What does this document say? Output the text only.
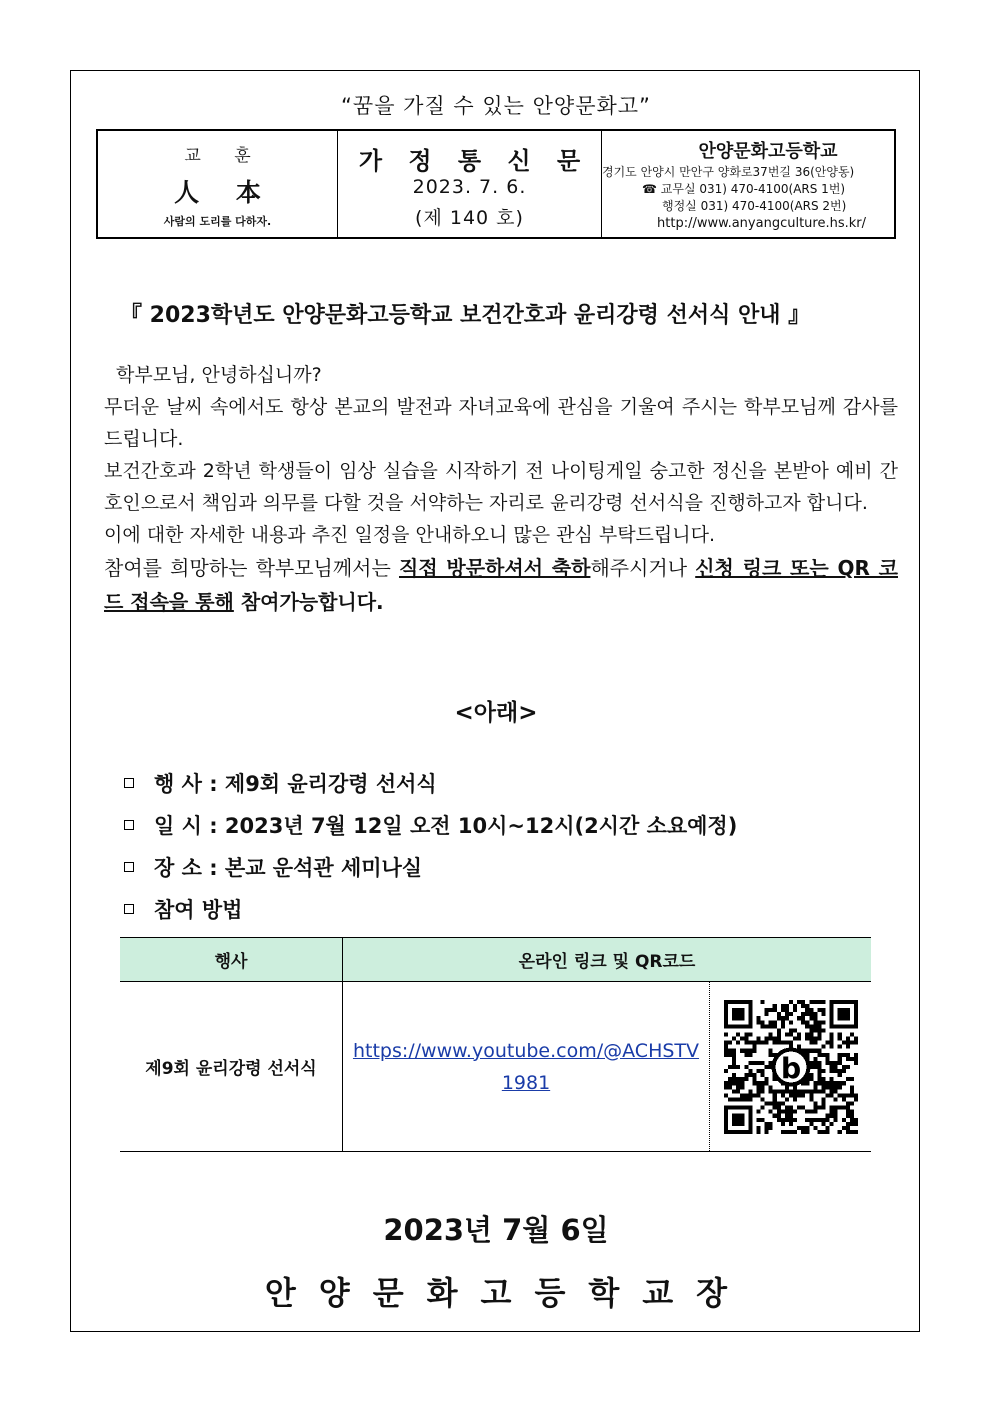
“꿈을 가질 수 있는 안양문화고”
교 훈
人 本
사람의 도리를 다하자.
가 정 통 신 문
2023. 7. 6.
(제 140 호)
안양문화고등학교
경기도 안양시 만안구 양화로37번길 36(안양동)
☎ 교무실 031) 470-4100(ARS 1번)
행정실 031) 470-4100(ARS 2번)
http://www.anyangculture.hs.kr/
『 2023학년도 안양문화고등학교 보건간호과 윤리강령 선서식 안내 』

학부모님, 안녕하십니까?

무더운 날씨 속에서도 항상 본교의 발전과 자녀교육에 관심을 기울여 주시는 학부모님께 감사를 드립니다.

보건간호과 2학년 학생들이 임상 실습을 시작하기 전 나이팅게일 숭고한 정신을 본받아 예비 간호인으로서 책임과 의무를 다할 것을 서약하는 자리로 윤리강령 선서식을 진행하고자 합니다.

이에 대한 자세한 내용과 추진 일정을 안내하오니 많은 관심 부탁드립니다.

참여를 희망하는 학부모님께서는 직접 방문하셔서 축하해주시거나 신청 링크 또는 QR 코드 접속을 통해 참여가능합니다.

<아래>
행 사 : 제9회 윤리강령 선서식
일 시 : 2023년 7월 12일 오전 10시~12시(2시간 소요예정)
장 소 : 본교 운석관 세미나실
참여 방법
행사	온라인 링크 및 QR코드	
제9회 윤리강령 선서식	https://www.youtube.com/@ACHSTV1981	b
2023년 7월 6일
안양문화고등학교장
